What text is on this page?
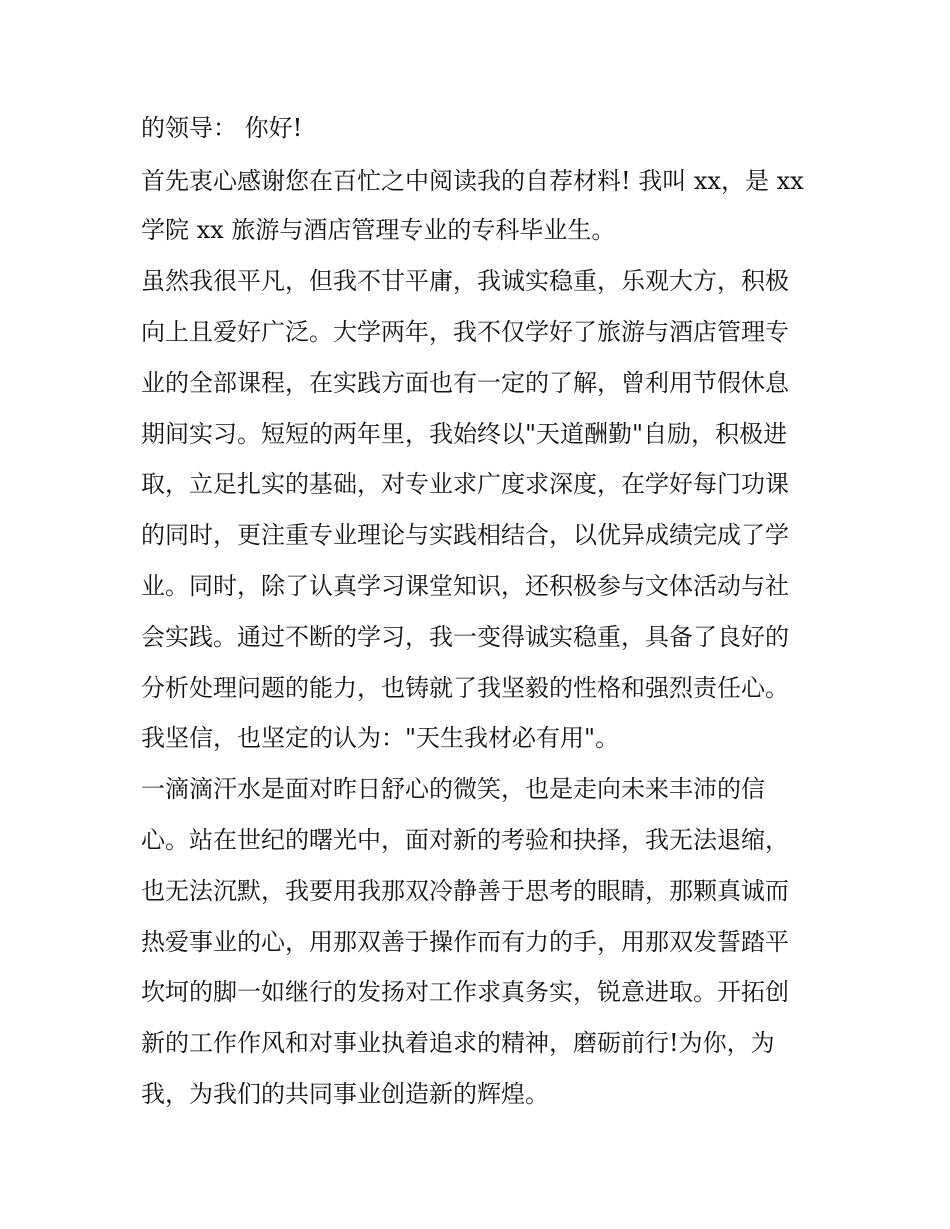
的领导： 你好!

首先衷心感谢您在百忙之中阅读我的自荐材料! 我叫 xx，是 xx

学院 xx 旅游与酒店管理专业的专科毕业生。

虽然我很平凡，但我不甘平庸，我诚实稳重，乐观大方，积极

向上且爱好广泛。大学两年，我不仅学好了旅游与酒店管理专

业的全部课程，在实践方面也有一定的了解，曾利用节假休息

期间实习。短短的两年里，我始终以"天道酬勤"自励，积极进

取，立足扎实的基础，对专业求广度求深度，在学好每门功课

的同时，更注重专业理论与实践相结合，以优异成绩完成了学

业。同时，除了认真学习课堂知识，还积极参与文体活动与社

会实践。通过不断的学习，我一变得诚实稳重，具备了良好的

分析处理问题的能力，也铸就了我坚毅的性格和强烈责任心。

我坚信，也坚定的认为："天生我材必有用"。

一滴滴汗水是面对昨日舒心的微笑，也是走向未来丰沛的信

心。站在世纪的曙光中，面对新的考验和抉择，我无法退缩，

也无法沉默，我要用我那双冷静善于思考的眼睛，那颗真诚而

热爱事业的心，用那双善于操作而有力的手，用那双发誓踏平

坎坷的脚一如继行的发扬对工作求真务实，锐意进取。开拓创

新的工作作风和对事业执着追求的精神，磨砺前行!为你，为

我，为我们的共同事业创造新的辉煌。
